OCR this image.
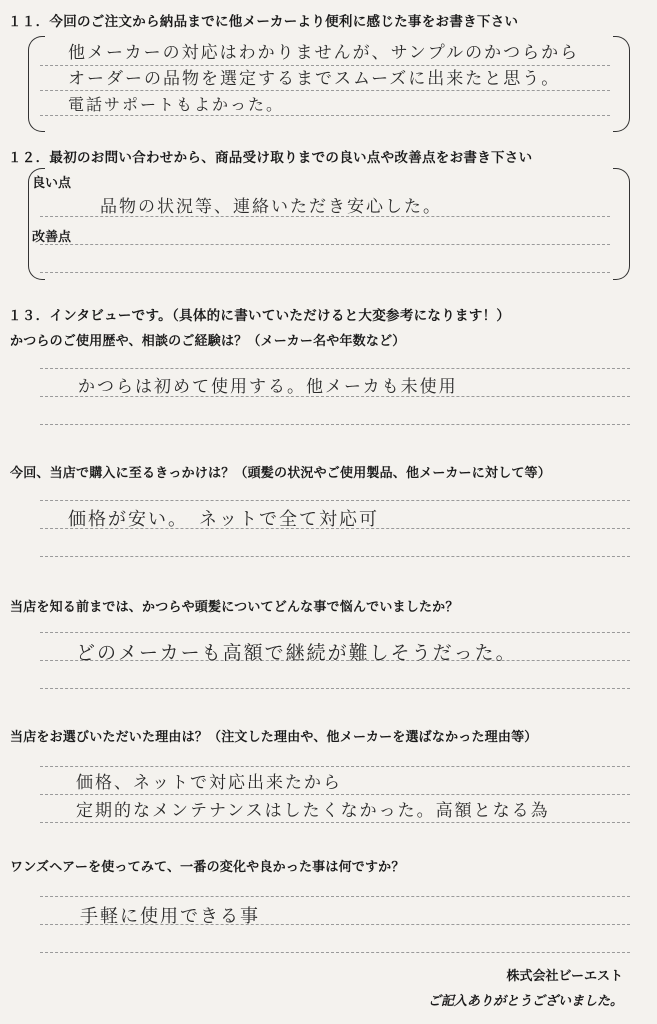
１１．今回のご注文から納品までに他メーカーより便利に感じた事をお書き下さい
他メーカーの対応はわかりませんが、サンプルのかつらから
オーダーの品物を選定するまでスムーズに出来たと思う。
電話サポートもよかった。
１２．最初のお問い合わせから、商品受け取りまでの良い点や改善点をお書き下さい
良い点
改善点
品物の状況等、連絡いただき安心した。
１３．インタビューです。（具体的に書いていただけると大変参考になります！）
かつらのご使用歴や、相談のご経験は？（メーカー名や年数など）
かつらは初めて使用する。他メーカも未使用
今回、当店で購入に至るきっかけは？（頭髪の状況やご使用製品、他メーカーに対して等）
価格が安い。　ネットで全て対応可
当店を知る前までは、かつらや頭髪についてどんな事で悩んでいましたか？
どのメーカーも高額で継続が難しそうだった。
当店をお選びいただいた理由は？（注文した理由や、他メーカーを選ばなかった理由等）
価格、ネットで対応出来たから
定期的なメンテナンスはしたくなかった。高額となる為
ワンズヘアーを使ってみて、一番の変化や良かった事は何ですか？
手軽に使用できる事
株式会社ビーエスト
ご記入ありがとうございました。
